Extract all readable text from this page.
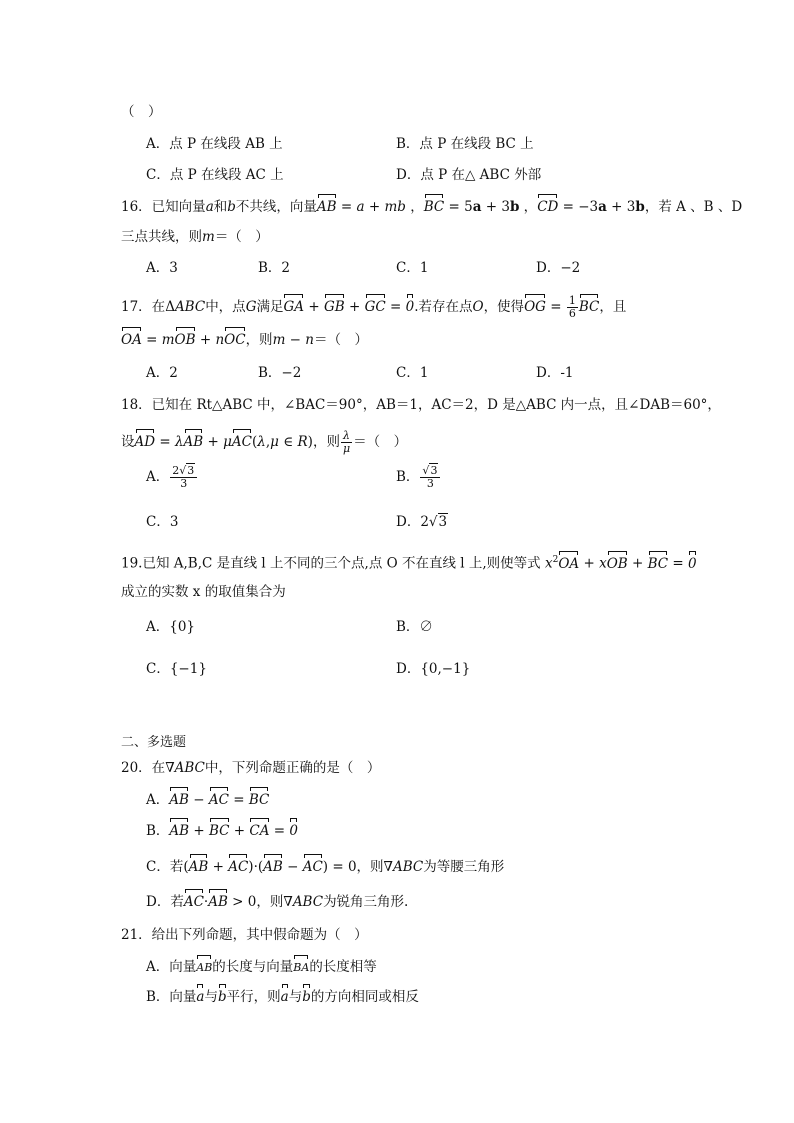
（　）
A．点 P 在线段 AB 上	B．点 P 在线段 BC 上
C．点 P 在线段 AC 上	D．点 P 在△ ABC 外部
16．已知向量a和b不共线，向量AB = a + mb ，BC = 5a + 3b ，CD = −3a + 3b，若 A 、B 、D
三点共线，则m＝（　）
A．3	B．2	C．1	D．−2
17．在ΔABC中，点G满足GA + GB + GC = 0.若存在点O，使得OG = $\frac{1}{6}$ BC，且
OA = mOB + nOC，则m − n＝（　）
A．2	B．−2	C．1	D．-1
18．已知在 Rt△ABC 中，∠BAC＝90°，AB＝1，AC＝2，D 是△ABC 内一点，且∠DAB＝60°，
设AD = λAB + μAC(λ,μ ∈ R)，则 $\frac{\lambda}{\mu}$ ＝（　）
A． $\frac{2√3}{3}$	B． $\frac{√3}{3}$
C．3	D．2√3
19.已知 A,B,C 是直线 l 上不同的三个点,点 O 不在直线 l 上,则使等式 $x^2OA$ + xOB + BC = 0
成立的实数 x 的取值集合为
A．{0}	B．∅
C．{−1}	D．{0,−1}
二、多选题
20．在∇ABC中，下列命题正确的是（　）
A．AB − AC = BC
B．AB + BC + CA = 0
C．若(AB + AC)·(AB − AC) = 0，则∇ABC为等腰三角形
D．若AC·AB > 0，则∇ABC为锐角三角形.
21．给出下列命题，其中假命题为（　）
A．向量AB的长度与向量BA的长度相等
B．向量a与b平行，则a与b的方向相同或相反
